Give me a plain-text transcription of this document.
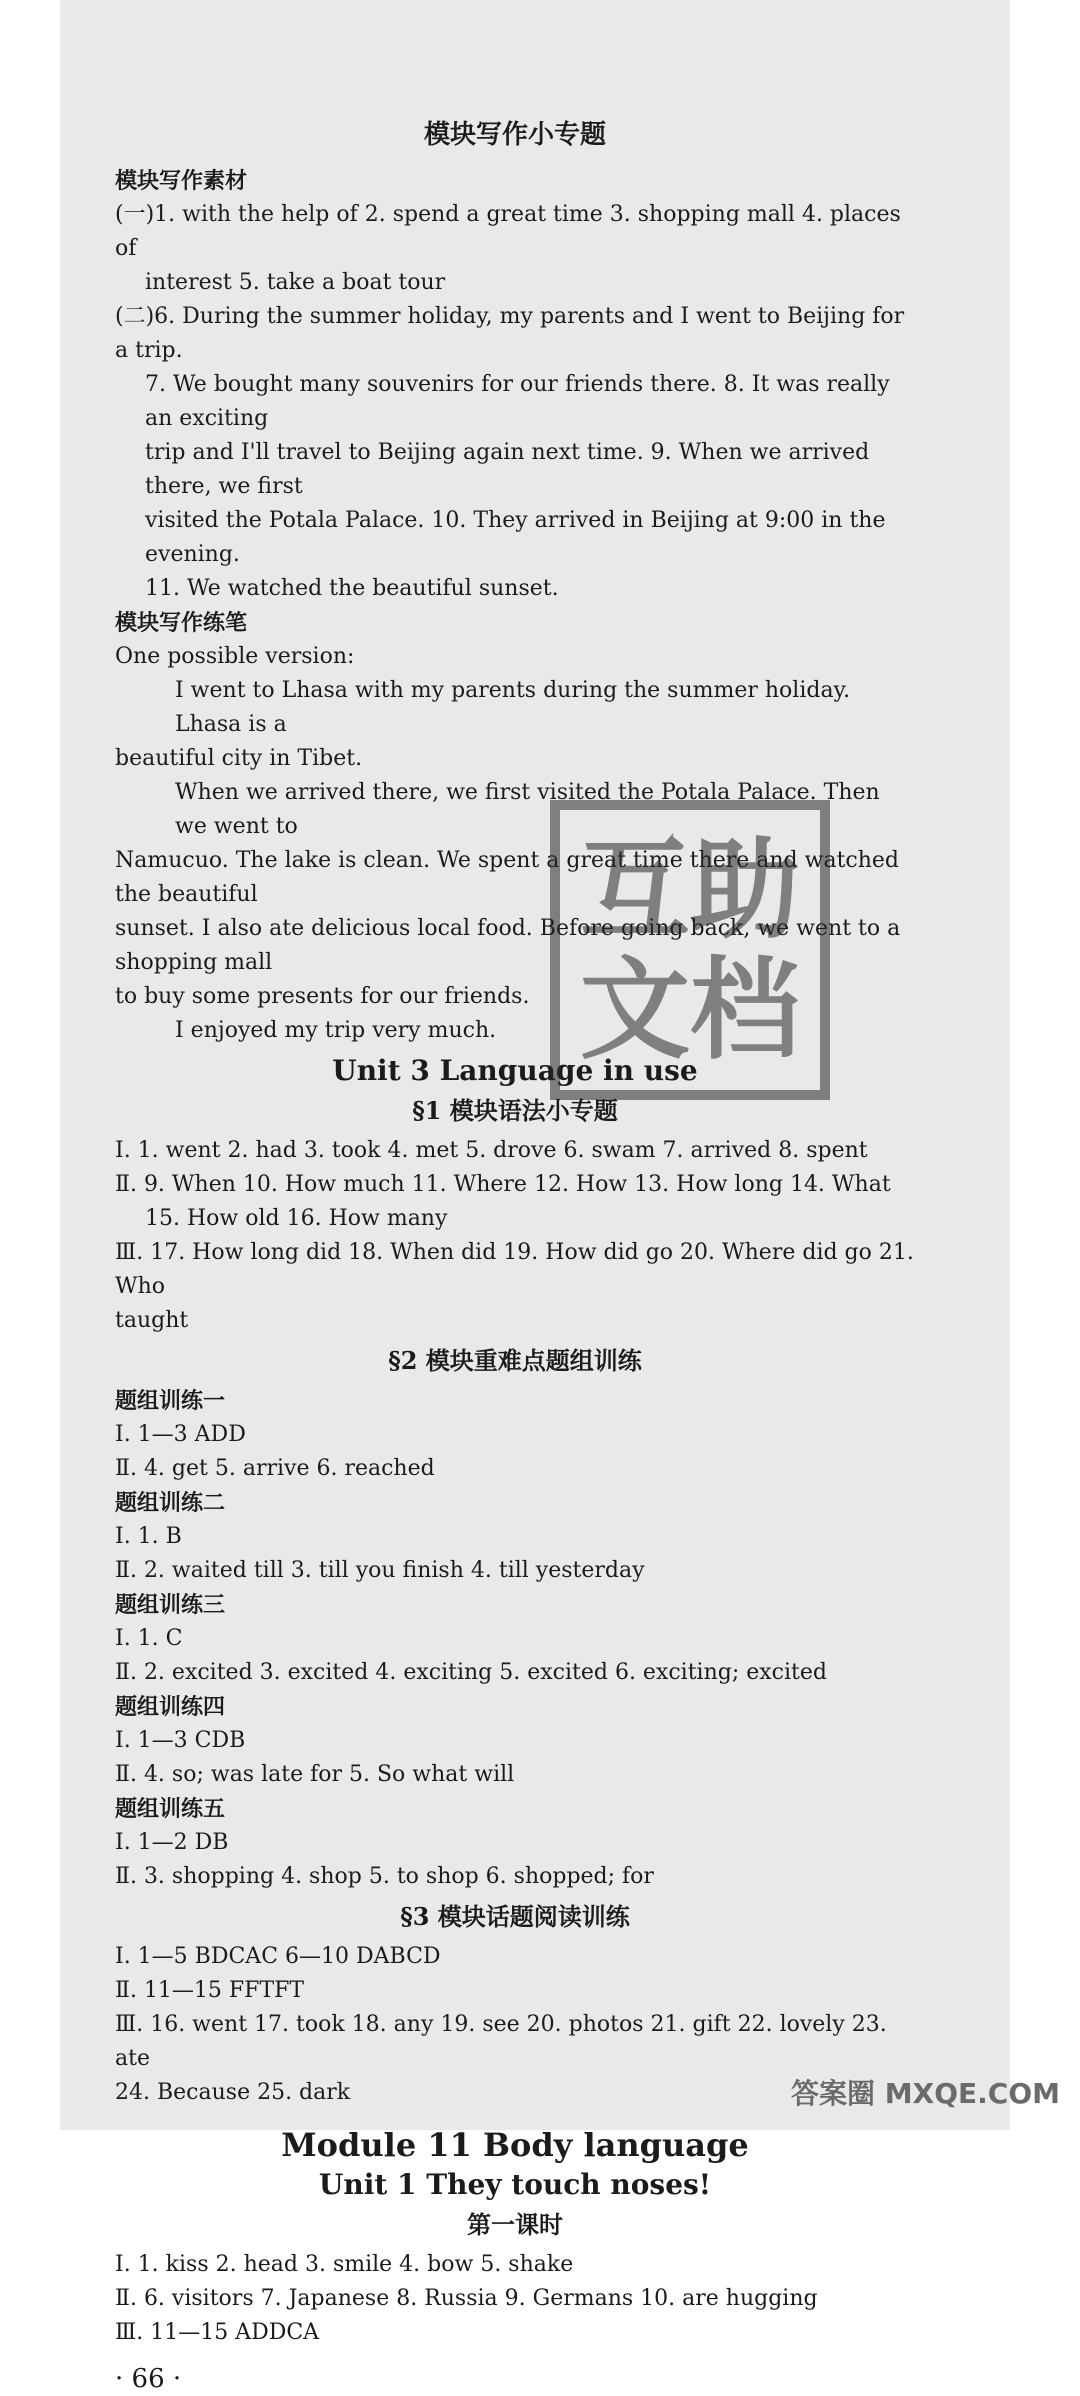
模块写作小专题
模块写作素材
(一)1. with the help of 2. spend a great time 3. shopping mall 4. places of
interest 5. take a boat tour
(二)6. During the summer holiday, my parents and I went to Beijing for a trip.
7. We bought many souvenirs for our friends there. 8. It was really an exciting
trip and I'll travel to Beijing again next time. 9. When we arrived there, we first
visited the Potala Palace. 10. They arrived in Beijing at 9:00 in the evening.
11. We watched the beautiful sunset.
模块写作练笔
One possible version:
I went to Lhasa with my parents during the summer holiday. Lhasa is a
beautiful city in Tibet.
When we arrived there, we first visited the Potala Palace. Then we went to
Namucuo. The lake is clean. We spent a great time there and watched the beautiful
sunset. I also ate delicious local food. Before going back, we went to a shopping mall
to buy some presents for our friends.
I enjoyed my trip very much.
Unit 3 Language in use
§1 模块语法小专题
Ⅰ. 1. went 2. had 3. took 4. met 5. drove 6. swam 7. arrived 8. spent
Ⅱ. 9. When 10. How much 11. Where 12. How 13. How long 14. What
15. How old 16. How many
Ⅲ. 17. How long did 18. When did 19. How did go 20. Where did go 21. Who
taught
§2 模块重难点题组训练
题组训练一
Ⅰ. 1—3 ADD
Ⅱ. 4. get 5. arrive 6. reached
题组训练二
Ⅰ. 1. B
Ⅱ. 2. waited till 3. till you finish 4. till yesterday
题组训练三
Ⅰ. 1. C
Ⅱ. 2. excited 3. excited 4. exciting 5. excited 6. exciting; excited
题组训练四
Ⅰ. 1—3 CDB
Ⅱ. 4. so; was late for 5. So what will
题组训练五
Ⅰ. 1—2 DB
Ⅱ. 3. shopping 4. shop 5. to shop 6. shopped; for
§3 模块话题阅读训练
Ⅰ. 1—5 BDCAC 6—10 DABCD
Ⅱ. 11—15 FFTFT
Ⅲ. 16. went 17. took 18. any 19. see 20. photos 21. gift 22. lovely 23. ate
24. Because 25. dark
Module 11 Body language
Unit 1 They touch noses!
第一课时
Ⅰ. 1. kiss 2. head 3. smile 4. bow 5. shake
Ⅱ. 6. visitors 7. Japanese 8. Russia 9. Germans 10. are hugging
Ⅲ. 11—15 ADDCA
· 66 ·
互助文档
答案圈 MXQE.COM
